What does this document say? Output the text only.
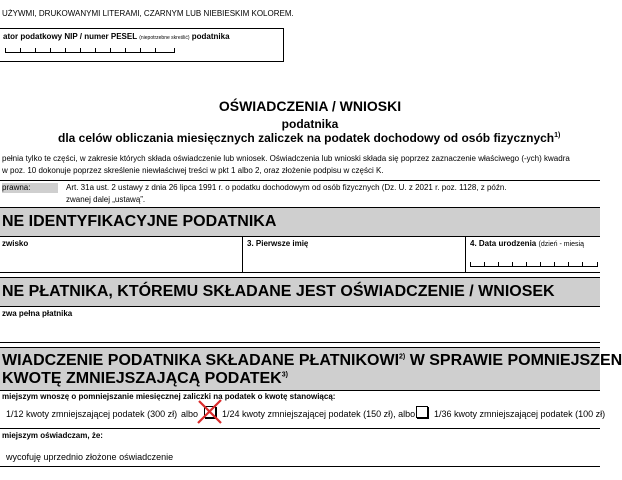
UŻYWMI, DRUKOWANYMI LITERAMI, CZARNYM LUB NIEBIESKIM KOLOREM.
ator podatkowy NIP / numer PESEL (niepotrzebne skreślić) podatnika
OŚWIADCZENIA / WNIOSKI
podatnika
dla celów obliczania miesięcznych zaliczek na podatek dochodowy od osób fizycznych$^{1)}$
pełnia tylko te części, w zakresie których składa oświadczenie lub wniosek. Oświadczenia lub wnioski składa się poprzez zaznaczenie właściwego (-ych) kwadra
w poz. 10 dokonuje poprzez skreślenie niewłaściwej treści w pkt 1 albo 2, oraz złożenie podpisu w części K.
prawna:	Art. 31a ust. 2 ustawy z dnia 26 lipca 1991 r. o podatku dochodowym od osób fizycznych (Dz. U. z 2021 r. poz. 1128, z późn.
zwanej dalej „ustawą”.
NE IDENTYFIKACYJNE PODATNIKA
zwisko	3. Pierwsze imię	4. Data urodzenia (dzień - miesią
NE PŁATNIKA, KTÓREMU SKŁADANE JEST OŚWIADCZENIE / WNIOSEK
zwa pełna płatnika
WIADCZENIE PODATNIKA SKŁADANE PŁATNIKOWI$^{2)}$ W SPRAWIE POMNIEJSZEN
KWOTĘ ZMNIEJSZAJĄCĄ PODATEK$^{3)}$
miejszym wnoszę o pomniejszanie miesięcznej zaliczki na podatek o kwotę stanowiącą:
1/12 kwoty zmniejszającej podatek (300 zł) albo	1/24 kwoty zmniejszającej podatek (150 zł), albo 1/36 kwoty zmniejszającej podatek (100 zł)
miejszym oświadczam, że:
wycofuję uprzednio złożone oświadczenie
